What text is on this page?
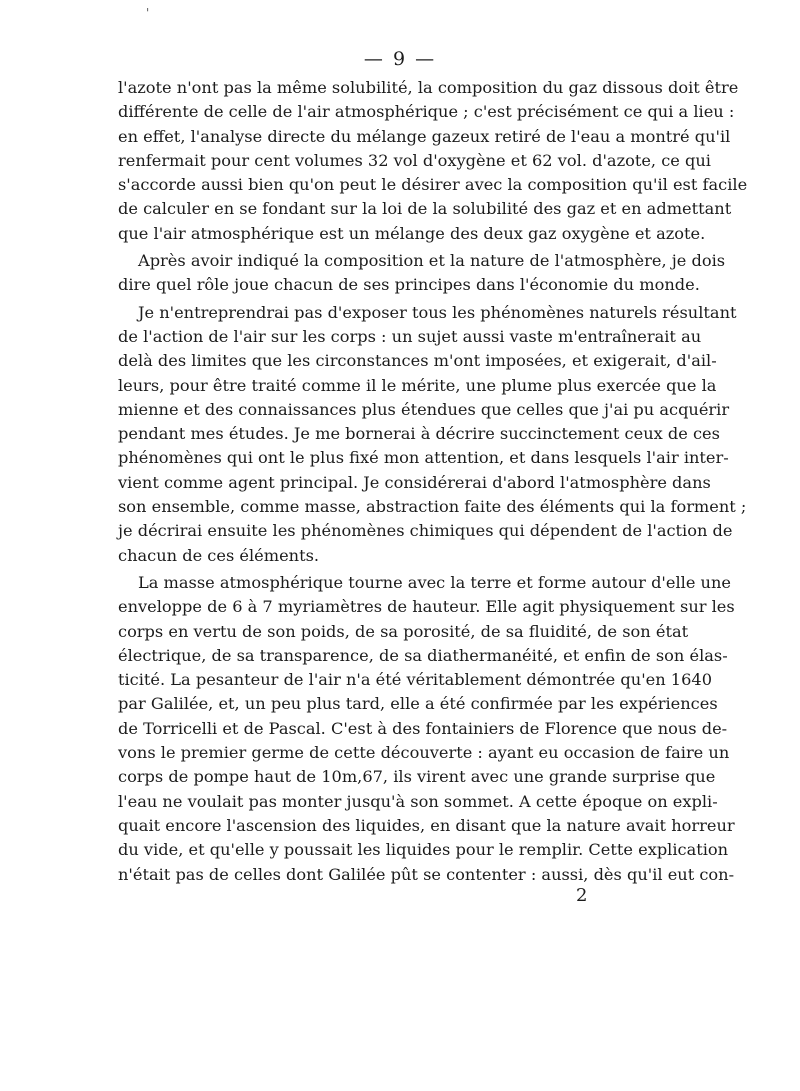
'
— 9 —
l'azote n'ont pas la même solubilité, la composition du gaz dissous doit être
différente de celle de l'air atmosphérique ; c'est précisément ce qui a lieu :
en effet, l'analyse directe du mélange gazeux retiré de l'eau a montré qu'il
renfermait pour cent volumes 32 vol d'oxygène et 62 vol. d'azote, ce qui
s'accorde aussi bien qu'on peut le désirer avec la composition qu'il est facile
de calculer en se fondant sur la loi de la solubilité des gaz et en admettant
que l'air atmosphérique est un mélange des deux gaz oxygène et azote.
Après avoir indiqué la composition et la nature de l'atmosphère, je dois
dire quel rôle joue chacun de ses principes dans l'économie du monde.
Je n'entreprendrai pas d'exposer tous les phénomènes naturels résultant
de l'action de l'air sur les corps : un sujet aussi vaste m'entraînerait au
delà des limites que les circonstances m'ont imposées, et exigerait, d'ail-
leurs, pour être traité comme il le mérite, une plume plus exercée que la
mienne et des connaissances plus étendues que celles que j'ai pu acquérir
pendant mes études. Je me bornerai à décrire succinctement ceux de ces
phénomènes qui ont le plus fixé mon attention, et dans lesquels l'air inter-
vient comme agent principal. Je considérerai d'abord l'atmosphère dans
son ensemble, comme masse, abstraction faite des éléments qui la forment ;
je décrirai ensuite les phénomènes chimiques qui dépendent de l'action de
chacun de ces éléments.
La masse atmosphérique tourne avec la terre et forme autour d'elle une
enveloppe de 6 à 7 myriamètres de hauteur. Elle agit physiquement sur les
corps en vertu de son poids, de sa porosité, de sa fluidité, de son état
électrique, de sa transparence, de sa diathermanéité, et enfin de son élas-
ticité. La pesanteur de l'air n'a été véritablement démontrée qu'en 1640
par Galilée, et, un peu plus tard, elle a été confirmée par les expériences
de Torricelli et de Pascal. C'est à des fontainiers de Florence que nous de-
vons le premier germe de cette découverte : ayant eu occasion de faire un
corps de pompe haut de 10m,67, ils virent avec une grande surprise que
l'eau ne voulait pas monter jusqu'à son sommet. A cette époque on expli-
quait encore l'ascension des liquides, en disant que la nature avait horreur
du vide, et qu'elle y poussait les liquides pour le remplir. Cette explication
n'était pas de celles dont Galilée pût se contenter : aussi, dès qu'il eut con-
2
